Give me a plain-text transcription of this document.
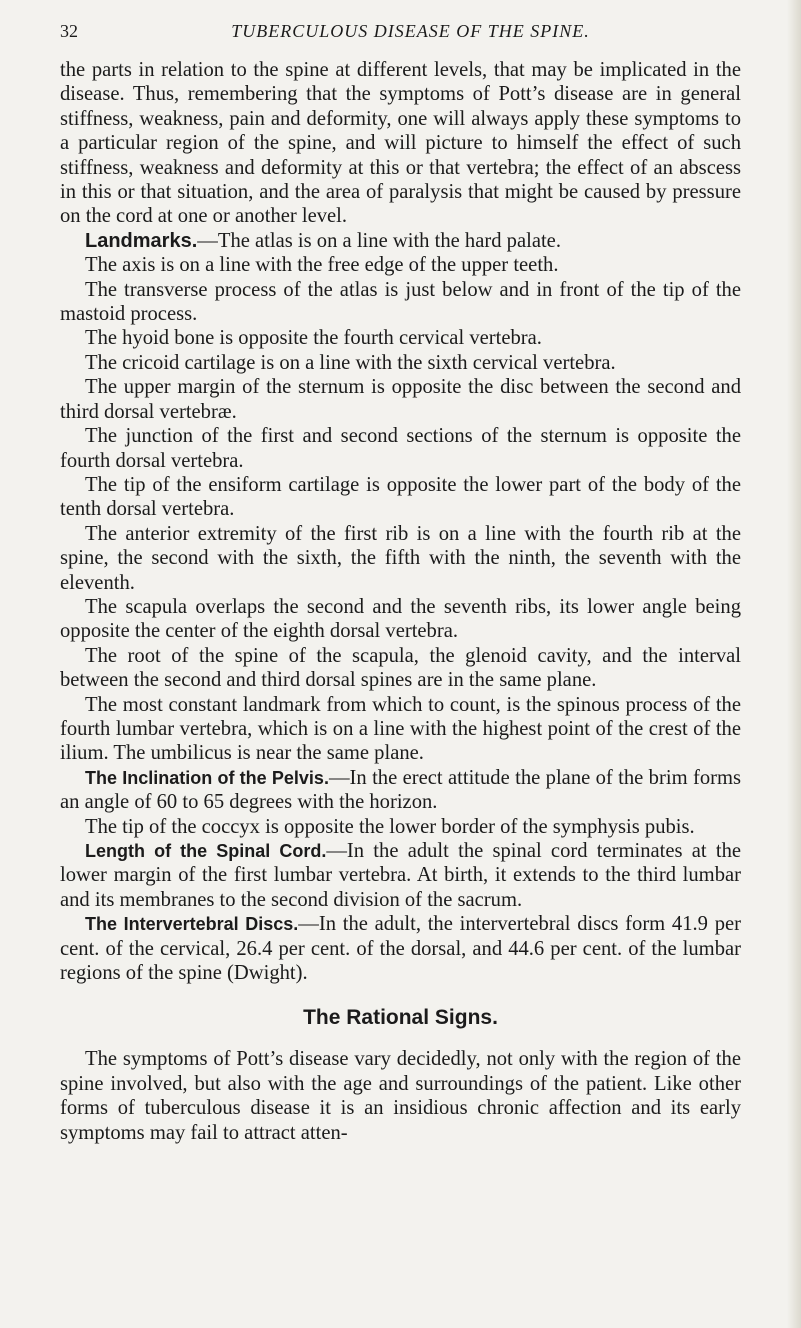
32	TUBERCULOUS DISEASE OF THE SPINE.

the parts in relation to the spine at different levels, that may be implicated in the disease. Thus, remembering that the symptoms of Pott’s disease are in general stiffness, weakness, pain and deformity, one will always apply these symptoms to a particular region of the spine, and will picture to himself the effect of such stiffness, weakness and deformity at this or that vertebra; the effect of an abscess in this or that situation, and the area of paralysis that might be caused by pressure on the cord at one or another level.

Landmarks.—The atlas is on a line with the hard palate.

The axis is on a line with the free edge of the upper teeth.

The transverse process of the atlas is just below and in front of the tip of the mastoid process.

The hyoid bone is opposite the fourth cervical vertebra.

The cricoid cartilage is on a line with the sixth cervical vertebra.

The upper margin of the sternum is opposite the disc between the second and third dorsal vertebræ.

The junction of the first and second sections of the sternum is opposite the fourth dorsal vertebra.

The tip of the ensiform cartilage is opposite the lower part of the body of the tenth dorsal vertebra.

The anterior extremity of the first rib is on a line with the fourth rib at the spine, the second with the sixth, the fifth with the ninth, the seventh with the eleventh.

The scapula overlaps the second and the seventh ribs, its lower angle being opposite the center of the eighth dorsal vertebra.

The root of the spine of the scapula, the glenoid cavity, and the interval between the second and third dorsal spines are in the same plane.

The most constant landmark from which to count, is the spinous process of the fourth lumbar vertebra, which is on a line with the highest point of the crest of the ilium. The umbilicus is near the same plane.

The Inclination of the Pelvis.—In the erect attitude the plane of the brim forms an angle of 60 to 65 degrees with the horizon.

The tip of the coccyx is opposite the lower border of the symphysis pubis.

Length of the Spinal Cord.—In the adult the spinal cord terminates at the lower margin of the first lumbar vertebra. At birth, it extends to the third lumbar and its membranes to the second division of the sacrum.

The Intervertebral Discs.—In the adult, the intervertebral discs form 41.9 per cent. of the cervical, 26.4 per cent. of the dorsal, and 44.6 per cent. of the lumbar regions of the spine (Dwight).

The Rational Signs.

The symptoms of Pott’s disease vary decidedly, not only with the region of the spine involved, but also with the age and surroundings of the patient. Like other forms of tuberculous disease it is an insidious chronic affection and its early symptoms may fail to attract atten-
